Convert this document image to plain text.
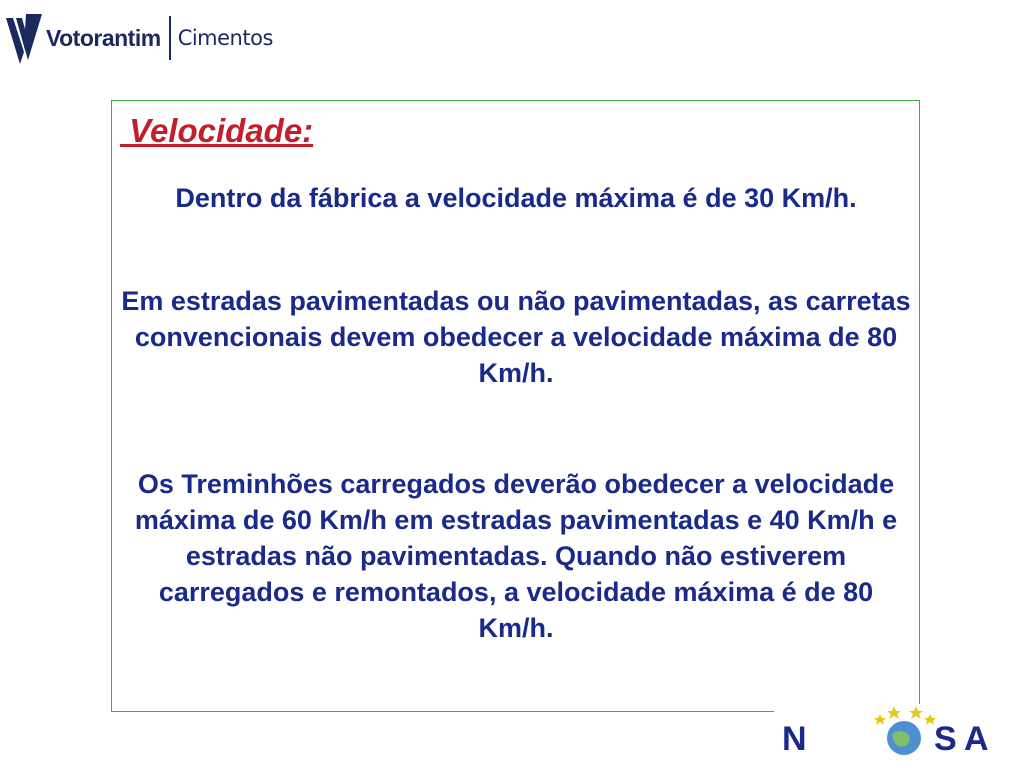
Votorantim Cimentos
Velocidade:
Dentro da fábrica a velocidade máxima é de 30 Km/h.
Em estradas pavimentadas ou não pavimentadas, as carretas convencionais devem obedecer a velocidade máxima de 80 Km/h.
Os Treminhões carregados deverão obedecer a velocidade máxima de 60 Km/h em estradas pavimentadas e 40 Km/h e estradas não pavimentadas. Quando não estiverem carregados e remontados, a velocidade máxima é de 80 Km/h.
N	S A
